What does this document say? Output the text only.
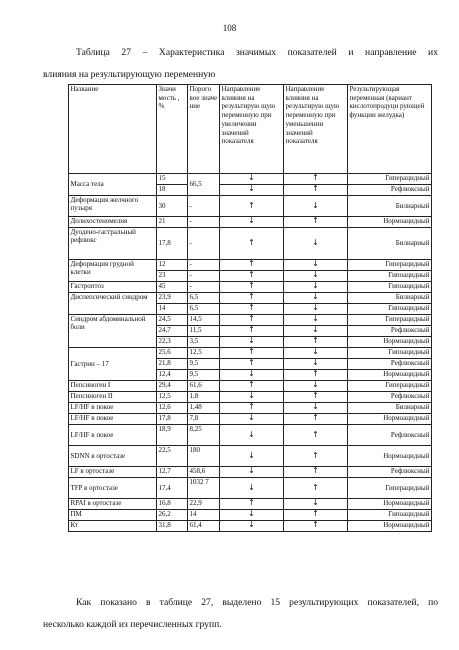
108
Таблица 27 – Характеристика значимых показателей и направление их
влияния на результирующую переменную
Название	Значи мость , %	Порого вое значе ние	Направление влияния на результирую щую переменную при увеличении значений показателя	Направление влияния на результирую щую переменную при уменьшении значений показателя	Результирующая переменная (вариант кислотопродуци рующей функции желудка)
Масса тела	15	66,5	↓	↑	Гиперацидный
	18		↓	↑	Рефлюксный
Деформация желчного пузыря	30	-	↑	↓	Билиарный
Долихостеномелия	21	-	↓	↑	Нормоацидный
Дуодено-гастральный рефлюкс	17,8	-	↑	↓	Билиарный
Деформация грудной клетки	12	-	↑	↓	Гиперацидный
	23	-	↑	↓	Гипоацидный
Гастроптоз	45	-	↑	↓	Гипоацидный
Диспепсический синдром	23,9	6,5	↑	↓	Билиарный
	14	6,5	↑	↓	Гипоацидный
Синдром абдоминальной боли	24,5	14,5	↑	↓	Гиперацидный
	24,7	11,5	↑	↓	Рефлюксный
	22,3	3,5	↓	↑	Нормоацидный
Гастрин – 17	25,6	12,5	↑	↓	Гипоацидный
	21,8	9,5	↑	↓	Рефлюксный
	12,4	9,5	↓	↑	Нормоацидный
Пепсиноген I	29,4	61,6	↑	↓	Гиперацидный
Пепсиноген II	12,5	1,8	↓	↑	Рефлюксный
LF/HF в покое	12,6	1,48	↑	↓	Билиарный
LF/HF в покое	17,8	7,8	↓	↑	Нормоацидный
LF/HF в покое	18,9	8,25	↓	↑	Рефлюксный
SDNN в ортостазе	22,5	180	↓	↑	Нормоацидный
LF в ортостазе	12,7	458,6	↓	↑	Рефлюксный
TFP в ортостазе	17,4	1032 7	↓	↑	Гиперацидный
RPAI в ортостазе	16,8	22,9	↑	↓	Нормоацидный
ПМ	26,2	14	↓	↑	Гипоацидный
Кт	31,8	61,4	↓	↑	Нормоацидный
Как показано в таблице 27, выделено 15 результирующих показателей, по
несколько каждой из перечисленных групп.
